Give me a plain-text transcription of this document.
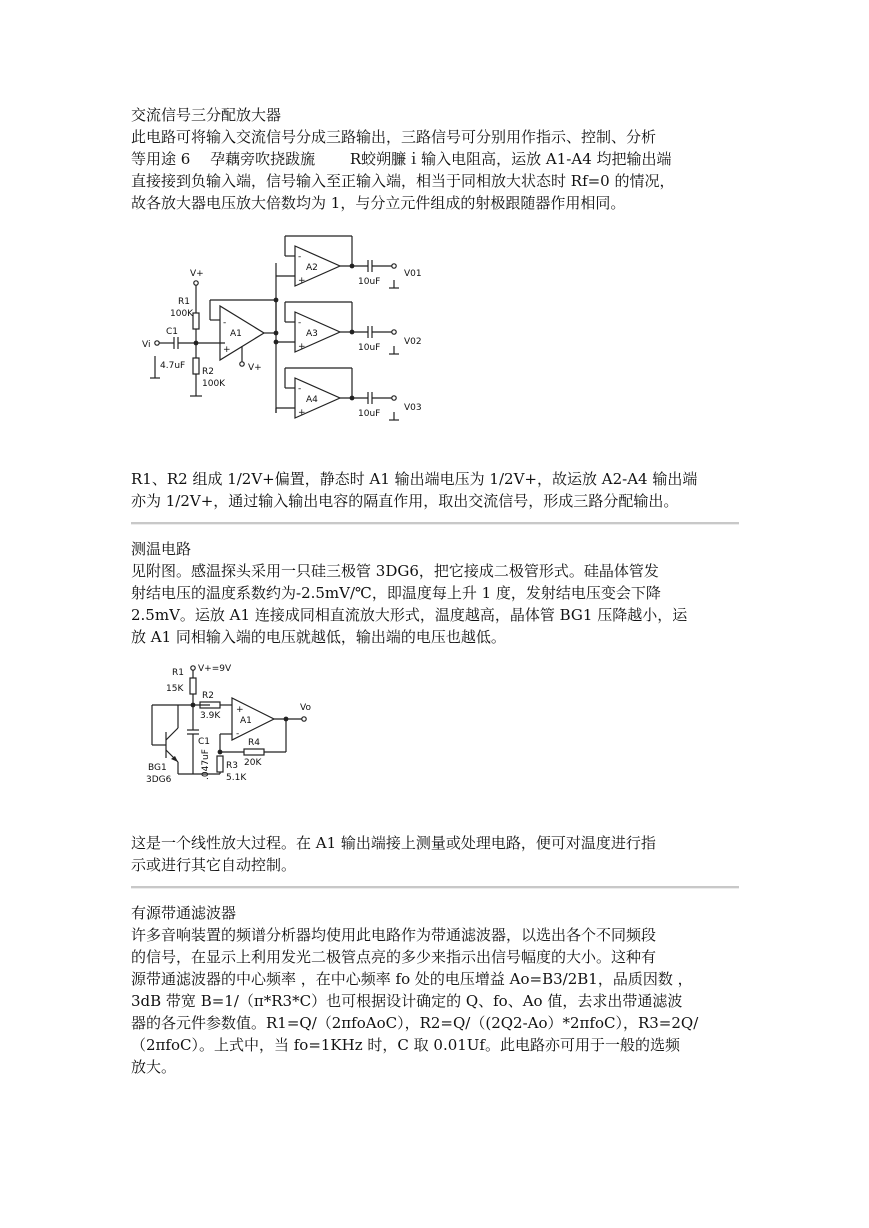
交流信号三分配放大器

此电路可将输入交流信号分成三路输出，三路信号可分别用作指示、控制、分析
等用途 6　 孕藕旁吹挠跋旒 　　R蛟朔臁ｉ输入电阻高，运放 A1-A4 均把输出端
直接接到负输入端，信号输入至正输入端，相当于同相放大状态时 Rf=0 的情况，
故各放大器电压放大倍数均为 1，与分立元件组成的射极跟随器作用相同。

-
+
-
+
-
+
-
+
V+
R1
100K
C1
Vi
4.7uF
R2
100K
A1
V+
A2
A3
A4
10uF
10uF
10uF
V01
V02
V03

R1、R2 组成 1/2V+偏置，静态时 A1 输出端电压为 1/2V+，故运放 A2-A4 输出端
亦为 1/2V+，通过输入输出电容的隔直作用，取出交流信号，形成三路分配输出。

测温电路

见附图。感温探头采用一只硅三极管 3DG6，把它接成二极管形式。硅晶体管发
射结电压的温度系数约为-2.5mV/℃，即温度每上升 1 度，发射结电压变会下降
2.5mV。运放 A1 连接成同相直流放大形式，温度越高，晶体管 BG1 压降越小，运
放 A1 同相输入端的电压就越低，输出端的电压也越低。

R1 V+=9V
15K
R2
3.9K
+
-
A1
Vo
C1	R4
20K
BG1
3DG6
R3
5.1K
.047uF

这是一个线性放大过程。在 A1 输出端接上测量或处理电路，便可对温度进行指
示或进行其它自动控制。

有源带通滤波器

许多音响装置的频谱分析器均使用此电路作为带通滤波器，以选出各个不同频段
的信号，在显示上利用发光二极管点亮的多少来指示出信号幅度的大小。这种有
源带通滤波器的中心频率 ，在中心频率 fo 处的电压增益 Ao=B3/2B1，品质因数 ，
3dB 带宽 B=1/（π*R3*C）也可根据设计确定的 Q、fo、Ao 值，去求出带通滤波
器的各元件参数值。R1=Q/（2πfoAoC），R2=Q/（(2Q2-Ao）*2πfoC），R3=2Q/
（2πfoC）。上式中，当 fo=1KHz 时，C 取 0.01Uf。此电路亦可用于一般的选频
放大。
